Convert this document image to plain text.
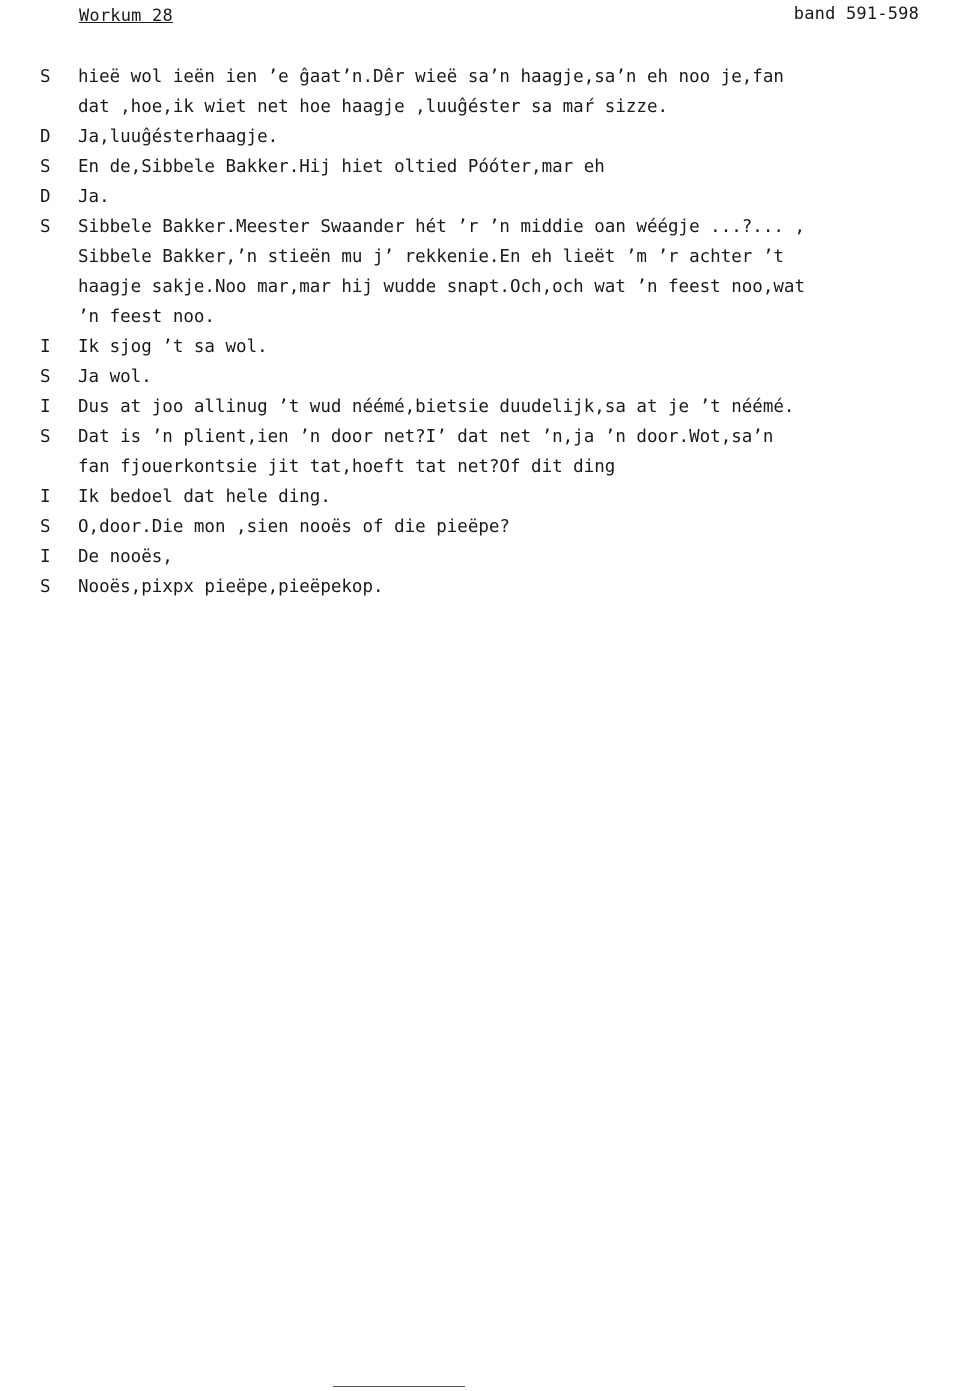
Workum 28	band 591-598
S	hieë wol ieën ien ’e ĝaat’n.Dêr wieë sa’n haagje,sa’n eh noo je,fan
dat ,hoe,ik wiet net hoe haagje ,luuĝéster sa maŕ sizze.
D	Ja,luuĝésterhaagje.
S	En de,Sibbele Bakker.Hij hiet oltied Póóter,mar eh
D	Ja.
S	Sibbele Bakker.Meester Swaander hét ’r ’n middie oan wéégje ...?... ,
Sibbele Bakker,’n stieën mu j’ rekkenie.En eh lieët ’m ’r achter ’t
haagje sakje.Noo mar,mar hij wudde snapt.Och,och wat ’n feest noo,wat
’n feest noo.
I	Ik sjog ’t sa wol.
S	Ja wol.
I	Dus at joo allinug ’t wud néémé,bietsie duudelijk,sa at je ’t néémé.
S	Dat is ’n plient,ien ’n door net?I’ dat net ’n,ja ’n door.Wot,sa’n
fan fjouerkontsie jit tat,hoeft tat net?Of dit ding
I	Ik bedoel dat hele ding.
S	O,door.Die mon ,sien nooës of die pieëpe?
I	De nooës,
S	Nooës,pixpx pieëpe,pieëpekop.
